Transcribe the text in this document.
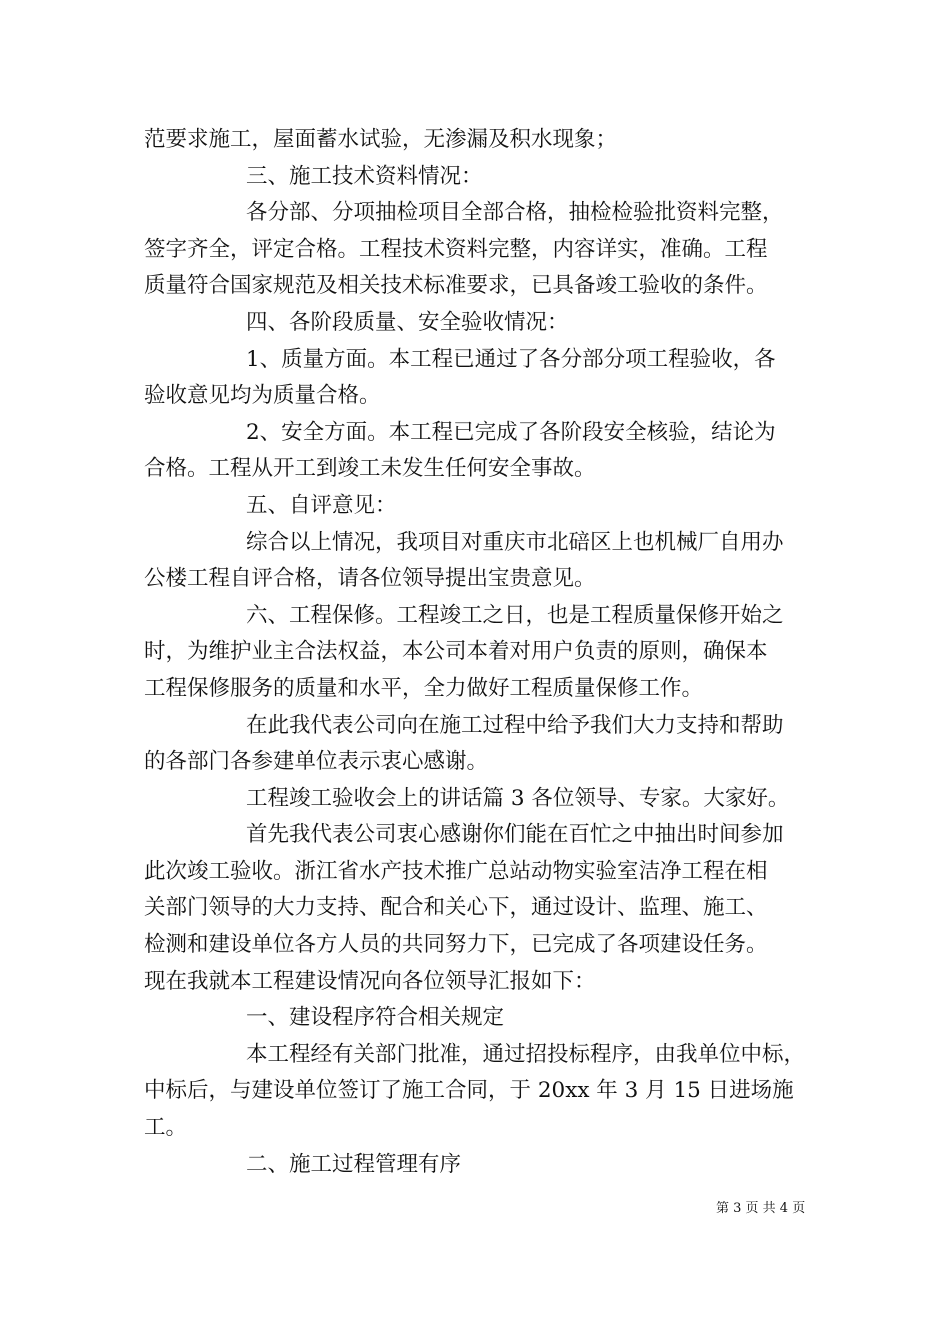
范要求施工，屋面蓄水试验，无渗漏及积水现象；
三、施工技术资料情况：
各分部、分项抽检项目全部合格，抽检检验批资料完整，
签字齐全，评定合格。工程技术资料完整，内容详实，准确。工程
质量符合国家规范及相关技术标准要求，已具备竣工验收的条件。
四、各阶段质量、安全验收情况：
1、质量方面。本工程已通过了各分部分项工程验收，各
验收意见均为质量合格。
2、安全方面。本工程已完成了各阶段安全核验，结论为
合格。工程从开工到竣工未发生任何安全事故。
五、自评意见：
综合以上情况，我项目对重庆市北碚区上也机械厂自用办
公楼工程自评合格，请各位领导提出宝贵意见。
六、工程保修。工程竣工之日，也是工程质量保修开始之
时，为维护业主合法权益，本公司本着对用户负责的原则，确保本
工程保修服务的质量和水平，全力做好工程质量保修工作。
在此我代表公司向在施工过程中给予我们大力支持和帮助
的各部门各参建单位表示衷心感谢。
工程竣工验收会上的讲话篇 3 各位领导、专家。大家好。
首先我代表公司衷心感谢你们能在百忙之中抽出时间参加
此次竣工验收。浙江省水产技术推广总站动物实验室洁净工程在相
关部门领导的大力支持、配合和关心下，通过设计、监理、施工、
检测和建设单位各方人员的共同努力下，已完成了各项建设任务。
现在我就本工程建设情况向各位领导汇报如下：
一、建设程序符合相关规定
本工程经有关部门批准，通过招投标程序，由我单位中标，
中标后，与建设单位签订了施工合同，于 20xx 年 3 月 15 日进场施
工。
二、施工过程管理有序
第 3 页 共 4 页
